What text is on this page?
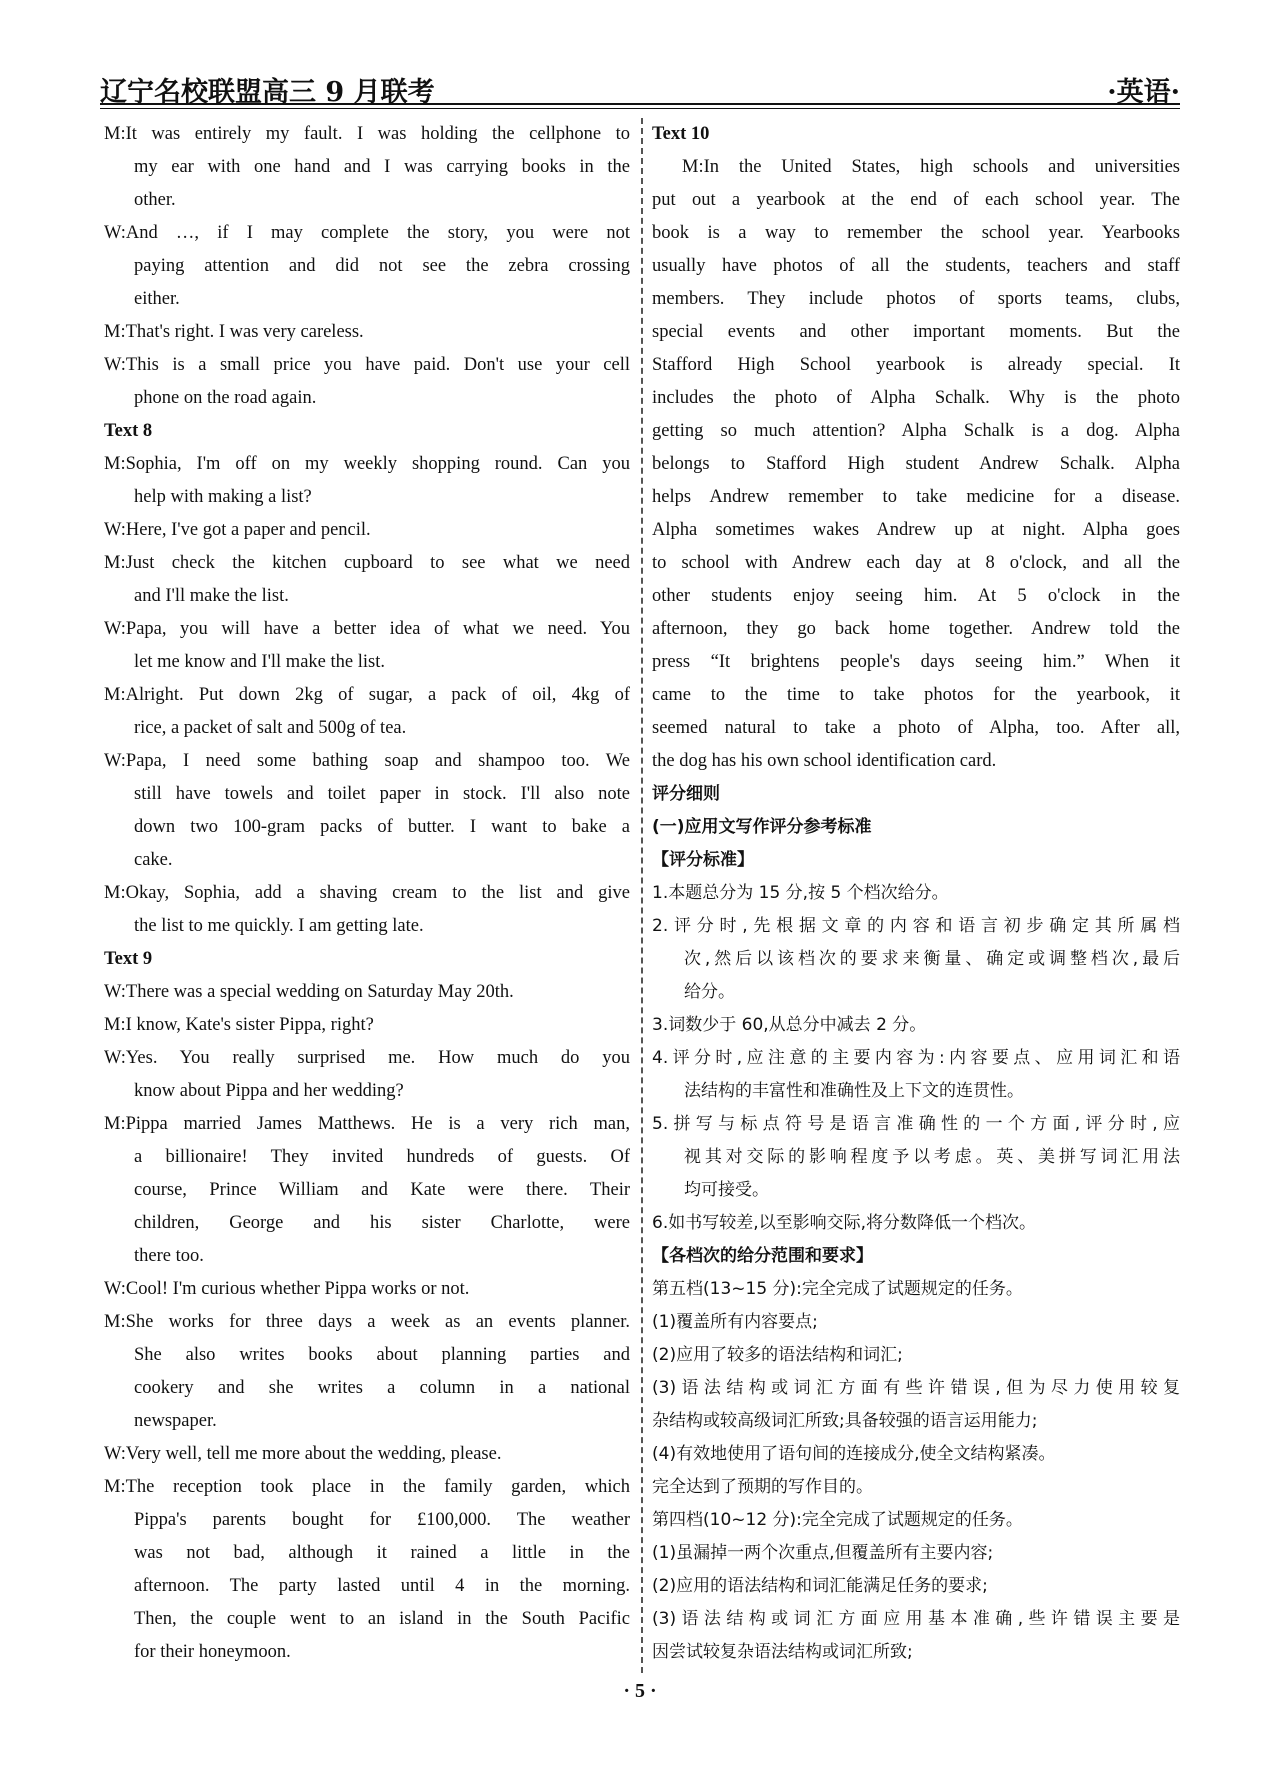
辽宁名校联盟高三 9 月联考	·英语·
M:It was entirely my fault. I was holding the cellphone to
my ear with one hand and I was carrying books in the
other.
W:And …, if I may complete the story, you were not
paying attention and did not see the zebra crossing
either.
M:That's right. I was very careless.
W:This is a small price you have paid. Don't use your cell
phone on the road again.
Text 8
M:Sophia, I'm off on my weekly shopping round. Can you
help with making a list?
W:Here, I've got a paper and pencil.
M:Just check the kitchen cupboard to see what we need
and I'll make the list.
W:Papa, you will have a better idea of what we need. You
let me know and I'll make the list.
M:Alright. Put down 2kg of sugar, a pack of oil, 4kg of
rice, a packet of salt and 500g of tea.
W:Papa, I need some bathing soap and shampoo too. We
still have towels and toilet paper in stock. I'll also note
down two 100-gram packs of butter. I want to bake a
cake.
M:Okay, Sophia, add a shaving cream to the list and give
the list to me quickly. I am getting late.
Text 9
W:There was a special wedding on Saturday May 20th.
M:I know, Kate's sister Pippa, right?
W:Yes. You really surprised me. How much do you
know about Pippa and her wedding?
M:Pippa married James Matthews. He is a very rich man,
a billionaire! They invited hundreds of guests. Of
course, Prince William and Kate were there. Their
children, George and his sister Charlotte, were
there too.
W:Cool! I'm curious whether Pippa works or not.
M:She works for three days a week as an events planner.
She also writes books about planning parties and
cookery and she writes a column in a national
newspaper.
W:Very well, tell me more about the wedding, please.
M:The reception took place in the family garden, which
Pippa's parents bought for £100,000. The weather
was not bad, although it rained a little in the
afternoon. The party lasted until 4 in the morning.
Then, the couple went to an island in the South Pacific
for their honeymoon.
Text 10
M:In the United States, high schools and universities
put out a yearbook at the end of each school year. The
book is a way to remember the school year. Yearbooks
usually have photos of all the students, teachers and staff
members. They include photos of sports teams, clubs,
special events and other important moments. But the
Stafford High School yearbook is already special. It
includes the photo of Alpha Schalk. Why is the photo
getting so much attention? Alpha Schalk is a dog. Alpha
belongs to Stafford High student Andrew Schalk. Alpha
helps Andrew remember to take medicine for a disease.
Alpha sometimes wakes Andrew up at night. Alpha goes
to school with Andrew each day at 8 o'clock, and all the
other students enjoy seeing him. At 5 o'clock in the
afternoon, they go back home together. Andrew told the
press “It brightens people's days seeing him.” When it
came to the time to take photos for the yearbook, it
seemed natural to take a photo of Alpha, too. After all,
the dog has his own school identification card.
评分细则
(一)应用文写作评分参考标准
【评分标准】
1.本题总分为 15 分,按 5 个档次给分。
2.评分时,先根据文章的内容和语言初步确定其所属档
次,然后以该档次的要求来衡量、确定或调整档次,最后
给分。
3.词数少于 60,从总分中减去 2 分。
4.评分时,应注意的主要内容为:内容要点、应用词汇和语
法结构的丰富性和准确性及上下文的连贯性。
5.拼写与标点符号是语言准确性的一个方面,评分时,应
视其对交际的影响程度予以考虑。英、美拼写词汇用法
均可接受。
6.如书写较差,以至影响交际,将分数降低一个档次。
【各档次的给分范围和要求】
第五档(13~15 分):完全完成了试题规定的任务。
(1)覆盖所有内容要点;
(2)应用了较多的语法结构和词汇;
(3)语法结构或词汇方面有些许错误,但为尽力使用较复
杂结构或较高级词汇所致;具备较强的语言运用能力;
(4)有效地使用了语句间的连接成分,使全文结构紧凑。
完全达到了预期的写作目的。
第四档(10~12 分):完全完成了试题规定的任务。
(1)虽漏掉一两个次重点,但覆盖所有主要内容;
(2)应用的语法结构和词汇能满足任务的要求;
(3)语法结构或词汇方面应用基本准确,些许错误主要是
因尝试较复杂语法结构或词汇所致;
· 5 ·
